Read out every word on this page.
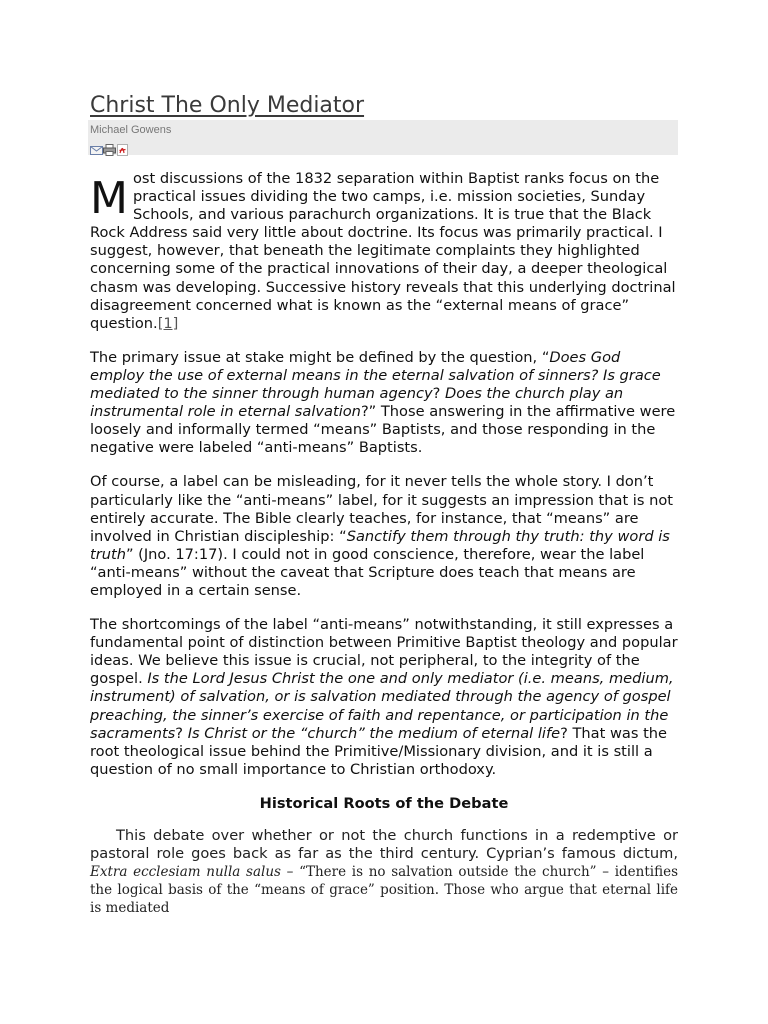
Christ The Only Mediator
Michael Gowens

Most discussions of the 1832 separation within Baptist ranks focus on the practical issues dividing the two camps, i.e. mission societies, Sunday Schools, and various parachurch organizations. It is true that the Black Rock Address said very little about doctrine. Its focus was primarily practical. I suggest, however, that beneath the legitimate complaints they highlighted concerning some of the practical innovations of their day, a deeper theological chasm was developing. Successive history reveals that this underlying doctrinal disagreement concerned what is known as the “external means of grace” question.[1]

The primary issue at stake might be defined by the question, “Does God employ the use of external means in the eternal salvation of sinners? Is grace mediated to the sinner through human agency? Does the church play an instrumental role in eternal salvation?” Those answering in the affirmative were loosely and informally termed “means” Baptists, and those responding in the negative were labeled “anti-means” Baptists.

Of course, a label can be misleading, for it never tells the whole story. I don’t particularly like the “anti-means” label, for it suggests an impression that is not entirely accurate. The Bible clearly teaches, for instance, that “means” are involved in Christian discipleship: “Sanctify them through thy truth: thy word is truth” (Jno. 17:17). I could not in good conscience, therefore, wear the label “anti-means” without the caveat that Scripture does teach that means are employed in a certain sense.

The shortcomings of the label “anti-means” notwithstanding, it still expresses a fundamental point of distinction between Primitive Baptist theology and popular ideas. We believe this issue is crucial, not peripheral, to the integrity of the gospel. Is the Lord Jesus Christ the one and only mediator (i.e. means, medium, instrument) of salvation, or is salvation mediated through the agency of gospel preaching, the sinner’s exercise of faith and repentance, or participation in the sacraments? Is Christ or the “church” the medium of eternal life? That was the root theological issue behind the Primitive/Missionary division, and it is still a question of no small importance to Christian orthodoxy.

Historical Roots of the Debate

This debate over whether or not the church functions in a redemptive or pastoral role goes back as far as the third century. Cyprian’s famous dictum, Extra ecclesiam nulla salus – “There is no salvation outside the church” – identifies the logical basis of the “means of grace” position. Those who argue that eternal life is mediated
